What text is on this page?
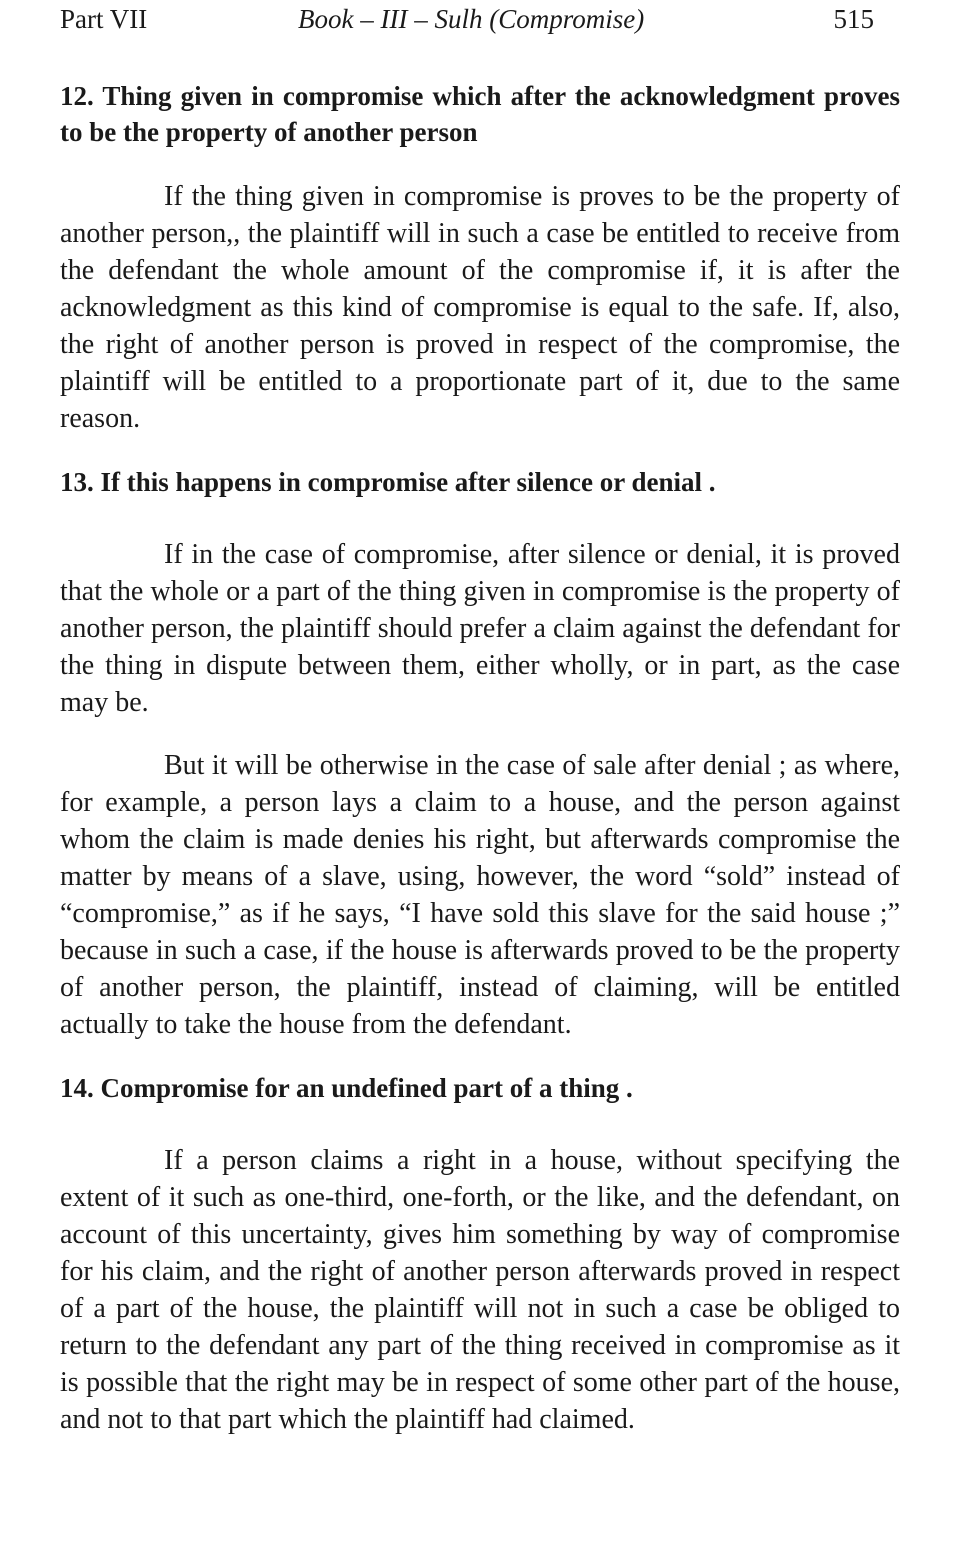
Part VII	Book – III – Sulh (Compromise)	515
12. Thing given in compromise which after the acknowledgment proves to be the property of another person

If the thing given in compromise is proves to be the property of another person,, the plaintiff will in such a case be entitled to receive from the defendant the whole amount of the compromise if, it is after the acknowledgment as this kind of compromise is equal to the safe. If, also, the right of another person is proved in respect of the compromise, the plaintiff will be entitled to a proportionate part of it, due to the same reason.

13. If this happens in compromise after silence or denial .

If in the case of compromise, after silence or denial, it is proved that the whole or a part of the thing given in compromise is the property of another person, the plaintiff should prefer a claim against the defendant for the thing in dispute between them, either wholly, or in part, as the case may be.

But it will be otherwise in the case of sale after denial ; as where, for example, a person lays a claim to a house, and the person against whom the claim is made denies his right, but afterwards compromise the matter by means of a slave, using, however, the word “sold” instead of “compromise,” as if he says, “I have sold this slave for the said house ;” because in such a case, if the house is afterwards proved to be the property of another person, the plaintiff, instead of claiming, will be entitled actually to take the house from the defendant.

14. Compromise for an undefined part of a thing .

If a person claims a right in a house, without specifying the extent of it such as one-third, one-forth, or the like, and the defendant, on account of this uncertainty, gives him something by way of compromise for his claim, and the right of another person afterwards proved in respect of a part of the house, the plaintiff will not in such a case be obliged to return to the defendant any part of the thing received in compromise as it is possible that the right may be in respect of some other part of the house, and not to that part which the plaintiff had claimed.
